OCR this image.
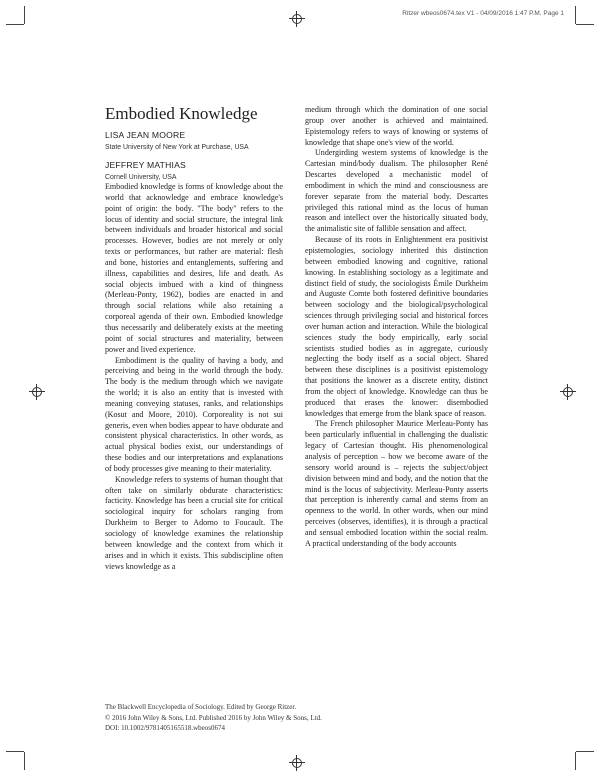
Ritzer wbeos0674.tex V1 - 04/09/2016 1:47 P.M. Page 1
Embodied Knowledge
LISA JEAN MOORE
State University of New York at Purchase, USA
JEFFREY MATHIAS
Cornell University, USA

Embodied knowledge is forms of knowledge about the world that acknowledge and embrace knowledge's point of origin: the body. "The body" refers to the locus of identity and social structure, the integral link between individuals and broader historical and social processes. However, bodies are not merely or only texts or performances, but rather are material: flesh and bone, histories and entanglements, suffering and illness, capabilities and desires, life and death. As social objects imbued with a kind of thingness (Merleau-Ponty, 1962), bodies are enacted in and through social relations while also retaining a corporeal agenda of their own. Embodied knowledge thus necessarily and deliberately exists at the meeting point of social structures and materiality, between power and lived experience.

Embodiment is the quality of having a body, and perceiving and being in the world through the body. The body is the medium through which we navigate the world; it is also an entity that is invested with meaning conveying statuses, ranks, and relationships (Kosut and Moore, 2010). Corporeality is not sui generis, even when bodies appear to have obdurate and consistent physical characteristics. In other words, as actual physical bodies exist, our understandings of these bodies and our interpretations and explanations of body processes give meaning to their materiality.

Knowledge refers to systems of human thought that often take on similarly obdurate characteristics: facticity. Knowledge has been a crucial site for critical sociological inquiry for scholars ranging from Durkheim to Berger to Adorno to Foucault. The sociology of knowledge examines the relationship between knowledge and the context from which it arises and in which it exists. This subdiscipline often views knowledge as a

medium through which the domination of one social group over another is achieved and maintained. Epistemology refers to ways of knowing or systems of knowledge that shape one's view of the world.

Undergirding western systems of knowledge is the Cartesian mind/body dualism. The philosopher René Descartes developed a mechanistic model of embodiment in which the mind and consciousness are forever separate from the material body. Descartes privileged this rational mind as the locus of human reason and intellect over the historically situated body, the animalistic site of fallible sensation and affect.

Because of its roots in Enlightenment era positivist epistemologies, sociology inherited this distinction between embodied knowing and cognitive, rational knowing. In establishing sociology as a legitimate and distinct field of study, the sociologists Émile Durkheim and Auguste Comte both fostered definitive boundaries between sociology and the biological/psychological sciences through privileging social and historical forces over human action and interaction. While the biological sciences study the body empirically, early social scientists studied bodies as in aggregate, curiously neglecting the body itself as a social object. Shared between these disciplines is a positivist epistemology that positions the knower as a discrete entity, distinct from the object of knowledge. Knowledge can thus be produced that erases the knower: disembodied knowledges that emerge from the blank space of reason.

The French philosopher Maurice Merleau-Ponty has been particularly influential in challenging the dualistic legacy of Cartesian thought. His phenomenological analysis of perception – how we become aware of the sensory world around is – rejects the subject/object division between mind and body, and the notion that the mind is the locus of subjectivity. Merleau-Ponty asserts that perception is inherently carnal and stems from an openness to the world. In other words, when our mind perceives (observes, identifies), it is through a practical and sensual embodied location within the social realm. A practical understanding of the body accounts

The Blackwell Encyclopedia of Sociology. Edited by George Ritzer.
© 2016 John Wiley & Sons, Ltd. Published 2016 by John Wiley & Sons, Ltd.
DOI: 10.1002/9781405165518.wbeos0674
